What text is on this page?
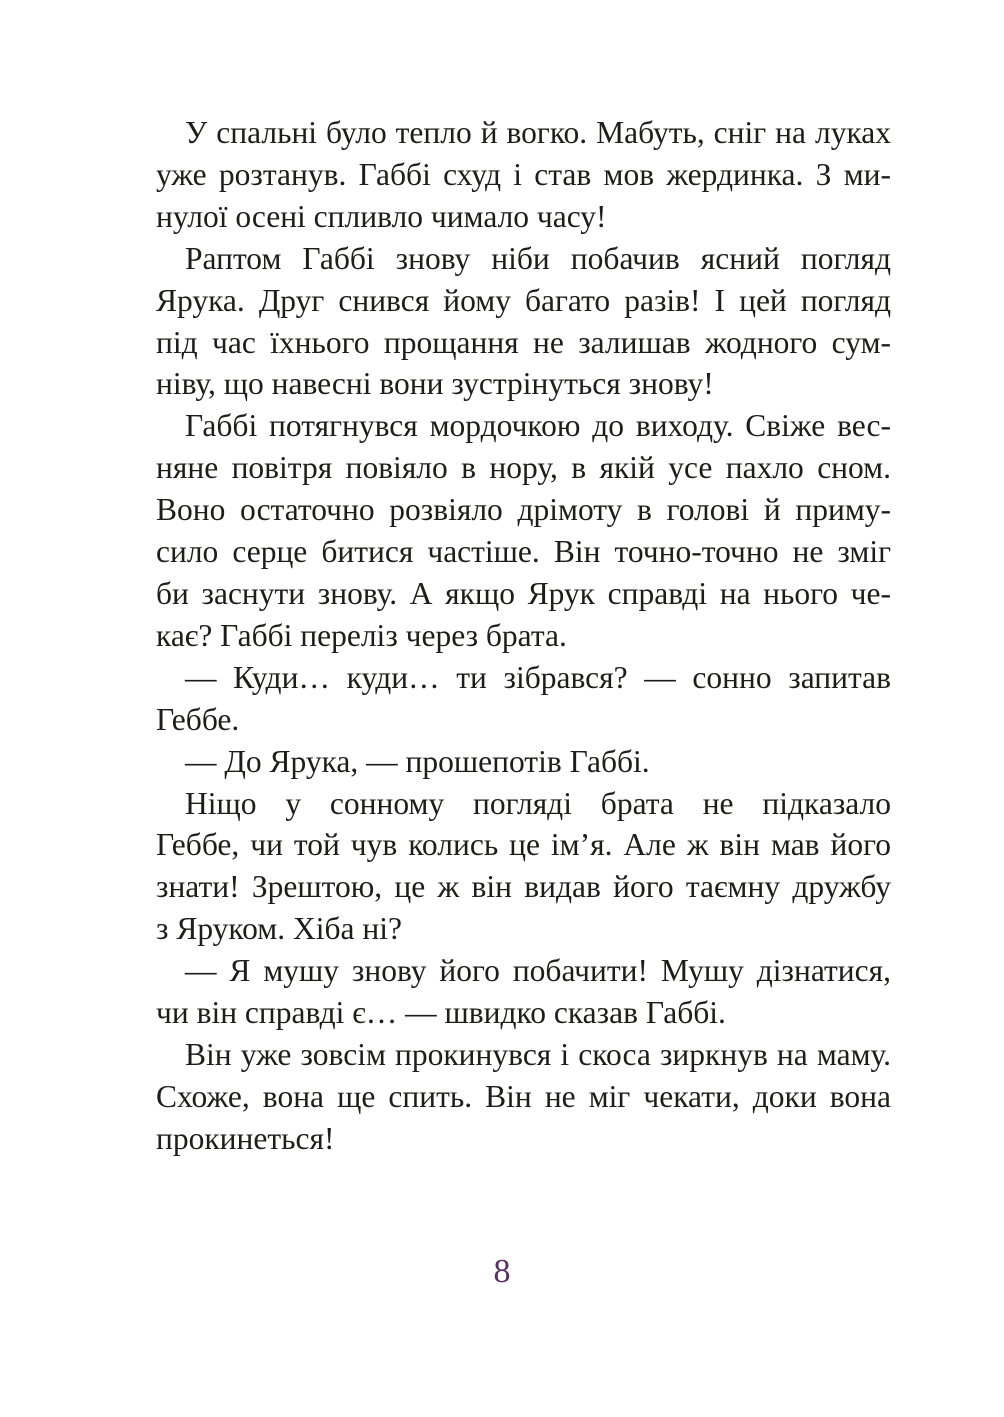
У спальні було тепло й вогко. Мабуть, сніг на луках
уже розтанув. Габбі схуд і став мов жердинка. З ми-
нулої осені спливло чимало часу!
Раптом Габбі знову ніби побачив ясний погляд
Ярука. Друг снився йому багато разів! І цей погляд
під час їхнього прощання не залишав жодного сум-
ніву, що навесні вони зустрінуться знову!
Габбі потягнувся мордочкою до виходу. Свіже вес-
няне повітря повіяло в нору, в якій усе пахло сном.
Воно остаточно розвіяло дрімоту в голові й приму-
сило серце битися частіше. Він точно-точно не зміг
би заснути знову. А якщо Ярук справді на нього че-
кає? Габбі переліз через брата.
— Куди… куди… ти зібрався? — сонно запитав
Геббе.
— До Ярука, — прошепотів Габбі.
Ніщо у сонному погляді брата не підказало
Геббе, чи той чув колись це ім’я. Але ж він мав його
знати! Зрештою, це ж він видав його таємну дружбу
з Яруком. Хіба ні?
— Я мушу знову його побачити! Мушу дізнатися,
чи він справді є… — швидко сказав Габбі.
Він уже зовсім прокинувся і скоса зиркнув на маму.
Схоже, вона ще спить. Він не міг чекати, доки вона
прокинеться!
8
